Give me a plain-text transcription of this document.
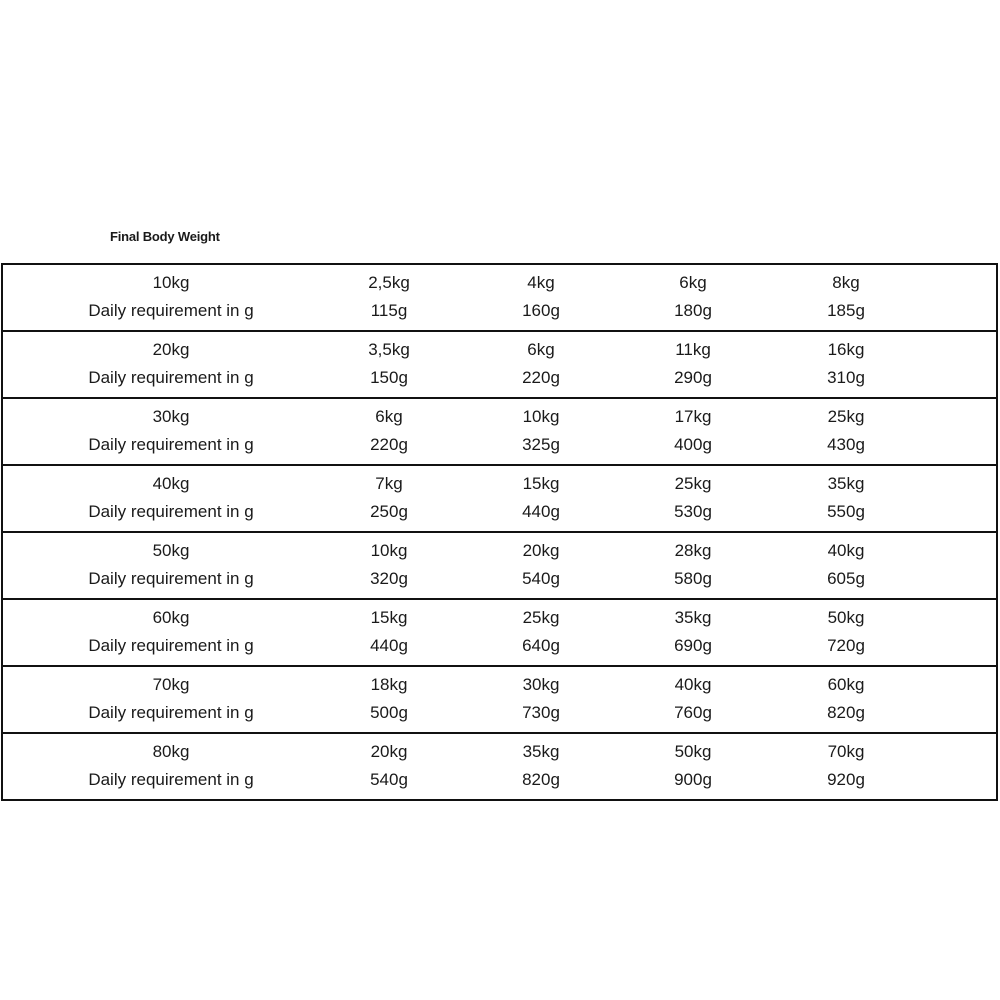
Final Body Weight
10kg	2,5kg	4kg	6kg	8kg
Daily requirement in g	115g	160g	180g	185g
20kg	3,5kg	6kg	11kg	16kg
Daily requirement in g	150g	220g	290g	310g
30kg	6kg	10kg	17kg	25kg
Daily requirement in g	220g	325g	400g	430g
40kg	7kg	15kg	25kg	35kg
Daily requirement in g	250g	440g	530g	550g
50kg	10kg	20kg	28kg	40kg
Daily requirement in g	320g	540g	580g	605g
60kg	15kg	25kg	35kg	50kg
Daily requirement in g	440g	640g	690g	720g
70kg	18kg	30kg	40kg	60kg
Daily requirement in g	500g	730g	760g	820g
80kg	20kg	35kg	50kg	70kg
Daily requirement in g	540g	820g	900g	920g
